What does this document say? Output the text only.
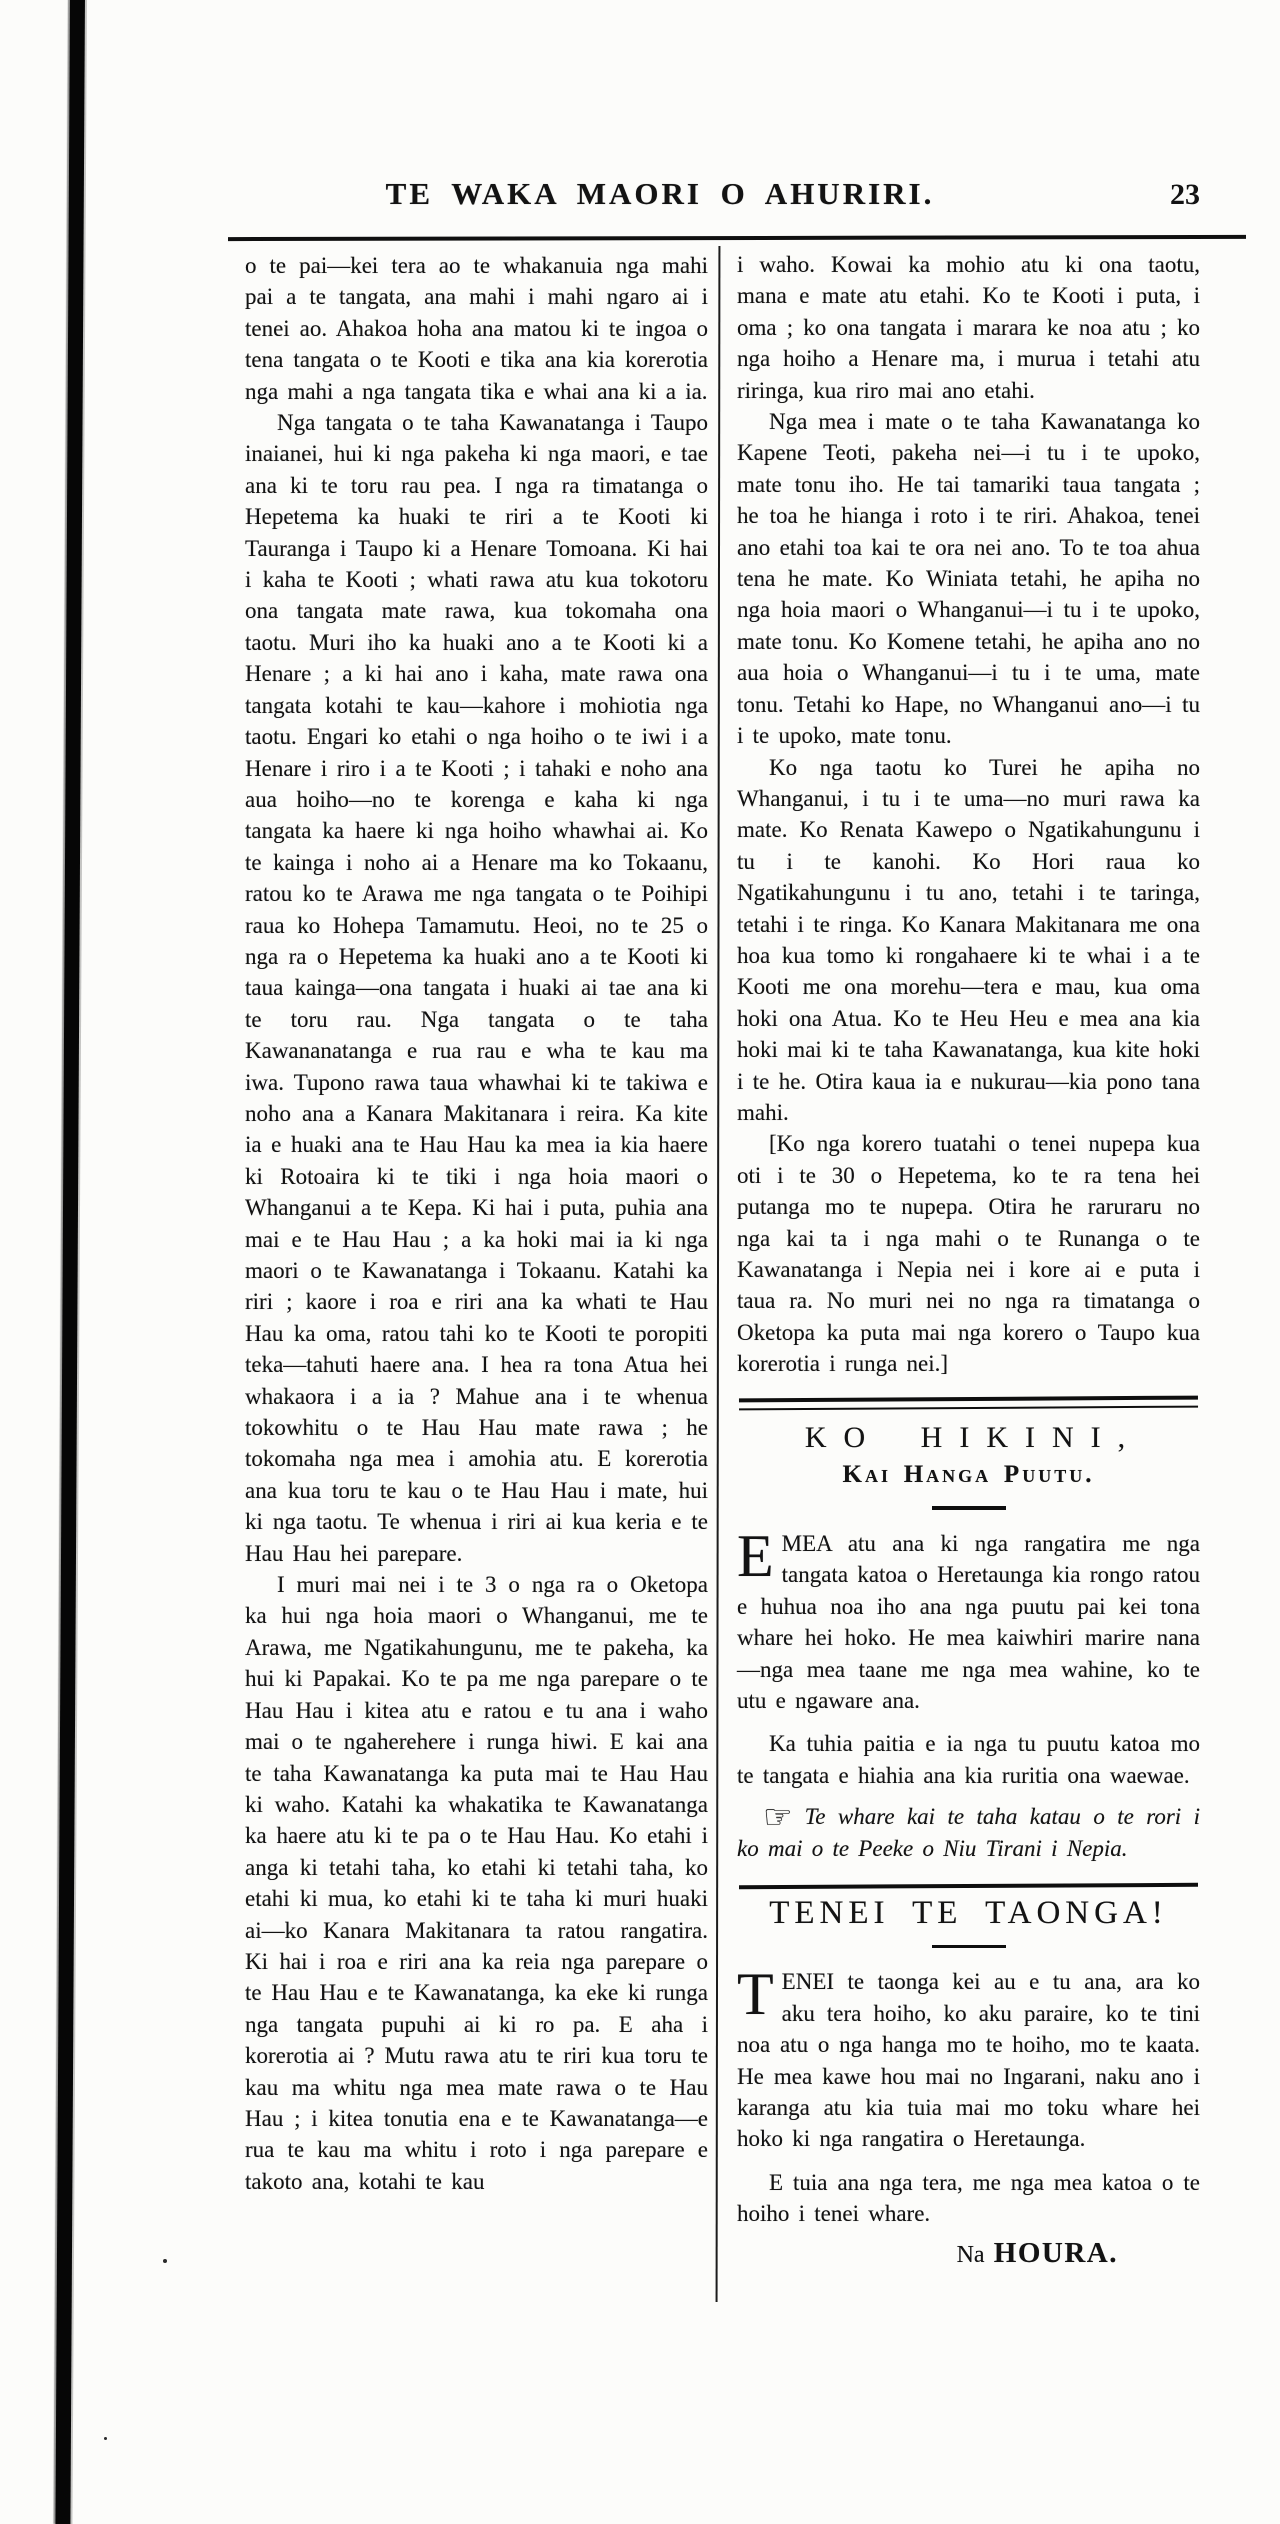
TE WAKA MAORI O AHURIRI.	23

o te pai—kei tera ao te whakanuia nga mahi pai a te tangata, ana mahi i mahi ngaro ai i tenei ao. Ahakoa hoha ana matou ki te ingoa o tena tangata o te Kooti e tika ana kia korerotia nga mahi a nga tangata tika e whai ana ki a ia.

Nga tangata o te taha Kawanatanga i Taupo inaianei, hui ki nga pakeha ki nga maori, e tae ana ki te toru rau pea. I nga ra timatanga o Hepetema ka huaki te riri a te Kooti ki Tauranga i Taupo ki a Henare Tomoana. Ki hai i kaha te Kooti ; whati rawa atu kua tokotoru ona tangata mate rawa, kua tokomaha ona taotu. Muri iho ka huaki ano a te Kooti ki a Henare ; a ki hai ano i kaha, mate rawa ona tangata kotahi te kau—kahore i mohiotia nga taotu. Engari ko etahi o nga hoiho o te iwi i a Henare i riro i a te Kooti ; i tahaki e noho ana aua hoiho—no te korenga e kaha ki nga tangata ka haere ki nga hoiho whawhai ai. Ko te kainga i noho ai a Henare ma ko Tokaanu, ratou ko te Arawa me nga tangata o te Poihipi raua ko Hohepa Tamamutu. Heoi, no te 25 o nga ra o Hepetema ka huaki ano a te Kooti ki taua kainga—ona tangata i huaki ai tae ana ki te toru rau. Nga tangata o te taha Kawananatanga e rua rau e wha te kau ma iwa. Tupono rawa taua whawhai ki te takiwa e noho ana a Kanara Makitanara i reira. Ka kite ia e huaki ana te Hau Hau ka mea ia kia haere ki Rotoaira ki te tiki i nga hoia maori o Whanganui a te Kepa. Ki hai i puta, puhia ana mai e te Hau Hau ; a ka hoki mai ia ki nga maori o te Kawanatanga i Tokaanu. Katahi ka riri ; kaore i roa e riri ana ka whati te Hau Hau ka oma, ratou tahi ko te Kooti te poropiti teka—tahuti haere ana. I hea ra tona Atua hei whakaora i a ia ? Mahue ana i te whenua tokowhitu o te Hau Hau mate rawa ; he tokomaha nga mea i amohia atu. E korerotia ana kua toru te kau o te Hau Hau i mate, hui ki nga taotu. Te whenua i riri ai kua keria e te Hau Hau hei parepare.

I muri mai nei i te 3 o nga ra o Oketopa ka hui nga hoia maori o Whanganui, me te Arawa, me Ngatikahungunu, me te pakeha, ka hui ki Papakai. Ko te pa me nga parepare o te Hau Hau i kitea atu e ratou e tu ana i waho mai o te ngaherehere i runga hiwi. E kai ana te taha Kawanatanga ka puta mai te Hau Hau ki waho. Katahi ka whakatika te Kawanatanga ka haere atu ki te pa o te Hau Hau. Ko etahi i anga ki tetahi taha, ko etahi ki tetahi taha, ko etahi ki mua, ko etahi ki te taha ki muri huaki ai—ko Kanara Makitanara ta ratou rangatira. Ki hai i roa e riri ana ka reia nga parepare o te Hau Hau e te Kawanatanga, ka eke ki runga nga tangata pupuhi ai ki ro pa. E aha i korerotia ai ? Mutu rawa atu te riri kua toru te kau ma whitu nga mea mate rawa o te Hau Hau ; i kitea tonutia ena e te Kawanatanga—e rua te kau ma whitu i roto i nga parepare e takoto ana, kotahi te kau

i waho. Kowai ka mohio atu ki ona taotu, mana e mate atu etahi. Ko te Kooti i puta, i oma ; ko ona tangata i marara ke noa atu ; ko nga hoiho a Henare ma, i murua i tetahi atu riringa, kua riro mai ano etahi.

Nga mea i mate o te taha Kawanatanga ko Kapene Teoti, pakeha nei—i tu i te upoko, mate tonu iho. He tai tamariki taua tangata ; he toa he hianga i roto i te riri. Ahakoa, tenei ano etahi toa kai te ora nei ano. To te toa ahua tena he mate. Ko Winiata tetahi, he apiha no nga hoia maori o Whanganui—i tu i te upoko, mate tonu. Ko Komene tetahi, he apiha ano no aua hoia o Whanganui—i tu i te uma, mate tonu. Tetahi ko Hape, no Whanganui ano—i tu i te upoko, mate tonu.

Ko nga taotu ko Turei he apiha no Whanganui, i tu i te uma—no muri rawa ka mate. Ko Renata Kawepo o Ngatikahungunu i tu i te kanohi. Ko Hori raua ko Ngatikahungunu i tu ano, tetahi i te taringa, tetahi i te ringa. Ko Kanara Makitanara me ona hoa kua tomo ki rongahaere ki te whai i a te Kooti me ona morehu—tera e mau, kua oma hoki ona Atua. Ko te Heu Heu e mea ana kia hoki mai ki te taha Kawanatanga, kua kite hoki i te he. Otira kaua ia e nukurau—kia pono tana mahi.

[Ko nga korero tuatahi o tenei nupepa kua oti i te 30 o Hepetema, ko te ra tena hei putanga mo te nupepa. Otira he raruraru no nga kai ta i nga mahi o te Runanga o te Kawanatanga i Nepia nei i kore ai e puta i taua ra. No muri nei no nga ra timatanga o Oketopa ka puta mai nga korero o Taupo kua korerotia i runga nei.]

KO HIKINI,
Kai Hanga Puutu.

EMEA atu ana ki nga rangatira me nga tangata katoa o Heretaunga kia rongo ratou e huhua noa iho ana nga puutu pai kei tona whare hei hoko. He mea kaiwhiri marire nana—nga mea taane me nga mea wahine, ko te utu e ngaware ana.

Ka tuhia paitia e ia nga tu puutu katoa mo te tangata e hiahia ana kia ruritia ona waewae.

☞ Te whare kai te taha katau o te rori i ko mai o te Peeke o Niu Tirani i Nepia.

TENEI TE TAONGA!

TENEI te taonga kei au e tu ana, ara ko aku tera hoiho, ko aku paraire, ko te tini noa atu o nga hanga mo te hoiho, mo te kaata. He mea kawe hou mai no Ingarani, naku ano i karanga atu kia tuia mai mo toku whare hei hoko ki nga rangatira o Heretaunga.

E tuia ana nga tera, me nga mea katoa o te hoiho i tenei whare.

Na HOURA.
